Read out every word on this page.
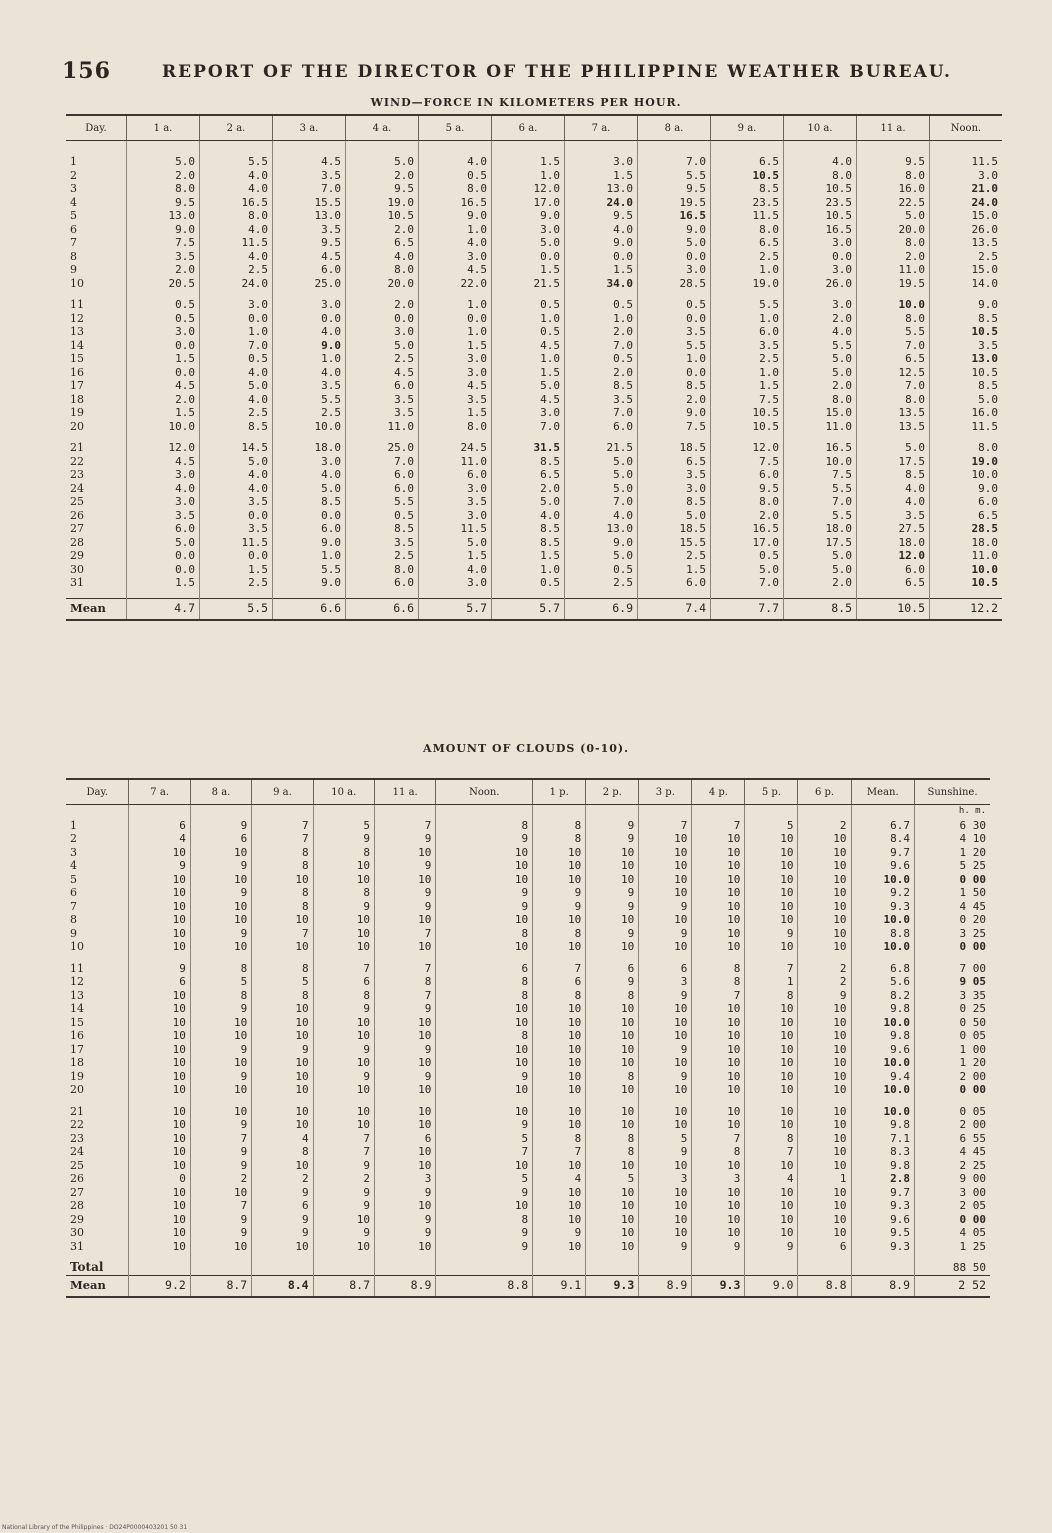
156	REPORT OF THE DIRECTOR OF THE PHILIPPINE WEATHER BUREAU.
WIND—FORCE IN KILOMETERS PER HOUR.
Day.	1 a.	2 a.	3 a.	4 a.	5 a.	6 a.	7 a.	8 a.	9 a.	10 a.	11 a.	Noon.

1	5.0	5.5	4.5	5.0	4.0	1.5	3.0	7.0	6.5	4.0	9.5	11.5
2	2.0	4.0	3.5	2.0	0.5	1.0	1.5	5.5	10.5	8.0	8.0	3.0
3	8.0	4.0	7.0	9.5	8.0	12.0	13.0	9.5	8.5	10.5	16.0	21.0
4	9.5	16.5	15.5	19.0	16.5	17.0	24.0	19.5	23.5	23.5	22.5	24.0
5	13.0	8.0	13.0	10.5	9.0	9.0	9.5	16.5	11.5	10.5	5.0	15.0
6	9.0	4.0	3.5	2.0	1.0	3.0	4.0	9.0	8.0	16.5	20.0	26.0
7	7.5	11.5	9.5	6.5	4.0	5.0	9.0	5.0	6.5	3.0	8.0	13.5
8	3.5	4.0	4.5	4.0	3.0	0.0	0.0	0.0	2.5	0.0	2.0	2.5
9	2.0	2.5	6.0	8.0	4.5	1.5	1.5	3.0	1.0	3.0	11.0	15.0
10	20.5	24.0	25.0	20.0	22.0	21.5	34.0	28.5	19.0	26.0	19.5	14.0

11	0.5	3.0	3.0	2.0	1.0	0.5	0.5	0.5	5.5	3.0	10.0	9.0
12	0.5	0.0	0.0	0.0	0.0	1.0	1.0	0.0	1.0	2.0	8.0	8.5
13	3.0	1.0	4.0	3.0	1.0	0.5	2.0	3.5	6.0	4.0	5.5	10.5
14	0.0	7.0	9.0	5.0	1.5	4.5	7.0	5.5	3.5	5.5	7.0	3.5
15	1.5	0.5	1.0	2.5	3.0	1.0	0.5	1.0	2.5	5.0	6.5	13.0
16	0.0	4.0	4.0	4.5	3.0	1.5	2.0	0.0	1.0	5.0	12.5	10.5
17	4.5	5.0	3.5	6.0	4.5	5.0	8.5	8.5	1.5	2.0	7.0	8.5
18	2.0	4.0	5.5	3.5	3.5	4.5	3.5	2.0	7.5	8.0	8.0	5.0
19	1.5	2.5	2.5	3.5	1.5	3.0	7.0	9.0	10.5	15.0	13.5	16.0
20	10.0	8.5	10.0	11.0	8.0	7.0	6.0	7.5	10.5	11.0	13.5	11.5

21	12.0	14.5	18.0	25.0	24.5	31.5	21.5	18.5	12.0	16.5	5.0	8.0
22	4.5	5.0	3.0	7.0	11.0	8.5	5.0	6.5	7.5	10.0	17.5	19.0
23	3.0	4.0	4.0	6.0	6.0	6.5	5.0	3.5	6.0	7.5	8.5	10.0
24	4.0	4.0	5.0	6.0	3.0	2.0	5.0	3.0	9.5	5.5	4.0	9.0
25	3.0	3.5	8.5	5.5	3.5	5.0	7.0	8.5	8.0	7.0	4.0	6.0
26	3.5	0.0	0.0	0.5	3.0	4.0	4.0	5.0	2.0	5.5	3.5	6.5
27	6.0	3.5	6.0	8.5	11.5	8.5	13.0	18.5	16.5	18.0	27.5	28.5
28	5.0	11.5	9.0	3.5	5.0	8.5	9.0	15.5	17.0	17.5	18.0	18.0
29	0.0	0.0	1.0	2.5	1.5	1.5	5.0	2.5	0.5	5.0	12.0	11.0
30	0.0	1.5	5.5	8.0	4.0	1.0	0.5	1.5	5.0	5.0	6.0	10.0
31	1.5	2.5	9.0	6.0	3.0	0.5	2.5	6.0	7.0	2.0	6.5	10.5

Mean	4.7	5.5	6.6	6.6	5.7	5.7	6.9	7.4	7.7	8.5	10.5	12.2
AMOUNT OF CLOUDS (0-10).
Day.	7 a.	8 a.	9 a.	10 a.	11 a.	Noon.	1 p.	2 p.	3 p.	4 p.	5 p.	6 p.	Mean.	Sunshine.
														h. m.
1	6	9	7	5	7	8	8	9	7	7	5	2	6.7	6 30
2	4	6	7	9	9	9	8	9	10	10	10	10	8.4	4 10
3	10	10	8	8	10	10	10	10	10	10	10	10	9.7	1 20
4	9	9	8	10	9	10	10	10	10	10	10	10	9.6	5 25
5	10	10	10	10	10	10	10	10	10	10	10	10	10.0	0 00
6	10	9	8	8	9	9	9	9	10	10	10	10	9.2	1 50
7	10	10	8	9	9	9	9	9	9	10	10	10	9.3	4 45
8	10	10	10	10	10	10	10	10	10	10	10	10	10.0	0 20
9	10	9	7	10	7	8	8	9	9	10	9	10	8.8	3 25
10	10	10	10	10	10	10	10	10	10	10	10	10	10.0	0 00

11	9	8	8	7	7	6	7	6	6	8	7	2	6.8	7 00
12	6	5	5	6	8	8	6	9	3	8	1	2	5.6	9 05
13	10	8	8	8	7	8	8	8	9	7	8	9	8.2	3 35
14	10	9	10	9	9	10	10	10	10	10	10	10	9.8	0 25
15	10	10	10	10	10	10	10	10	10	10	10	10	10.0	0 50
16	10	10	10	10	10	8	10	10	10	10	10	10	9.8	0 05
17	10	9	9	9	9	10	10	10	9	10	10	10	9.6	1 00
18	10	10	10	10	10	10	10	10	10	10	10	10	10.0	1 20
19	10	9	10	9	9	9	10	8	9	10	10	10	9.4	2 00
20	10	10	10	10	10	10	10	10	10	10	10	10	10.0	0 00

21	10	10	10	10	10	10	10	10	10	10	10	10	10.0	0 05
22	10	9	10	10	10	9	10	10	10	10	10	10	9.8	2 00
23	10	7	4	7	6	5	8	8	5	7	8	10	7.1	6 55
24	10	9	8	7	10	7	7	8	9	8	7	10	8.3	4 45
25	10	9	10	9	10	10	10	10	10	10	10	10	9.8	2 25
26	0	2	2	2	3	5	4	5	3	3	4	1	2.8	9 00
27	10	10	9	9	9	9	10	10	10	10	10	10	9.7	3 00
28	10	7	6	9	10	10	10	10	10	10	10	10	9.3	2 05
29	10	9	9	10	9	8	10	10	10	10	10	10	9.6	0 00
30	10	9	9	9	9	9	9	10	10	10	10	10	9.5	4 05
31	10	10	10	10	10	9	10	10	9	9	9	6	9.3	1 25

Total														88 50
Mean	9.2	8.7	8.4	8.7	8.9	8.8	9.1	9.3	8.9	9.3	9.0	8.8	8.9	2 52
National Library of the Philippines · DO24P0000403201 50 31
